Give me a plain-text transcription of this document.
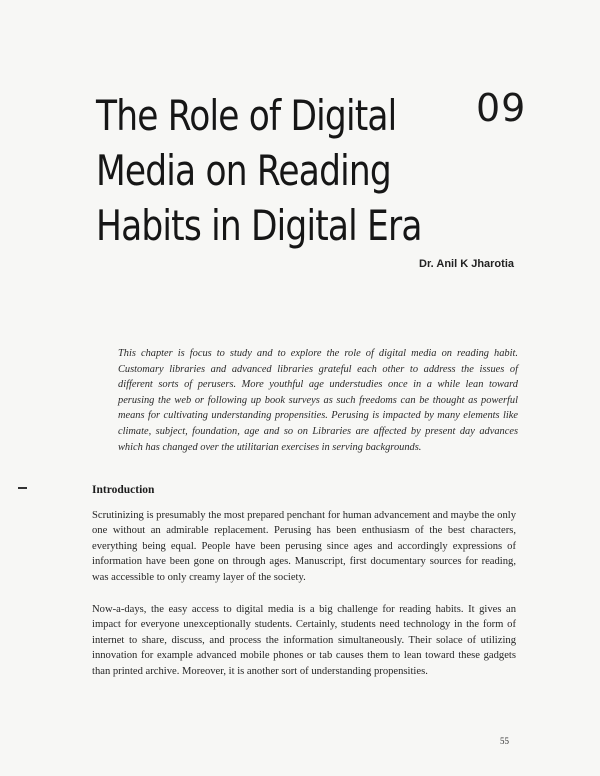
The Role of Digital
Media on Reading
Habits in Digital Era
09
Dr. Anil K Jharotia
This chapter is focus to study and to explore the role of digital media on reading habit. Customary libraries and advanced libraries grateful each other to address the issues of different sorts of perusers. More youthful age understudies once in a while lean toward perusing the web or following up book surveys as such freedoms can be thought as powerful means for cultivating understanding propensities. Perusing is impacted by many elements like climate, subject, foundation, age and so on Libraries are affected by present day advances which has changed over the utilitarian exercises in serving backgrounds.
Introduction
Scrutinizing is presumably the most prepared penchant for human advancement and maybe the only one without an admirable replacement. Perusing has been enthusiasm of the best characters, everything being equal. People have been perusing since ages and accordingly expressions of information have been gone on through ages. Manuscript, first documentary sources for reading, was accessible to only creamy layer of the society.
Now-a-days, the easy access to digital media is a big challenge for reading habits. It gives an impact for everyone unexceptionally students. Certainly, students need technology in the form of internet to share, discuss, and process the information simultaneously. Their solace of utilizing innovation for example advanced mobile phones or tab causes them to lean toward these gadgets than printed archive. Moreover, it is another sort of understanding propensities.
55
